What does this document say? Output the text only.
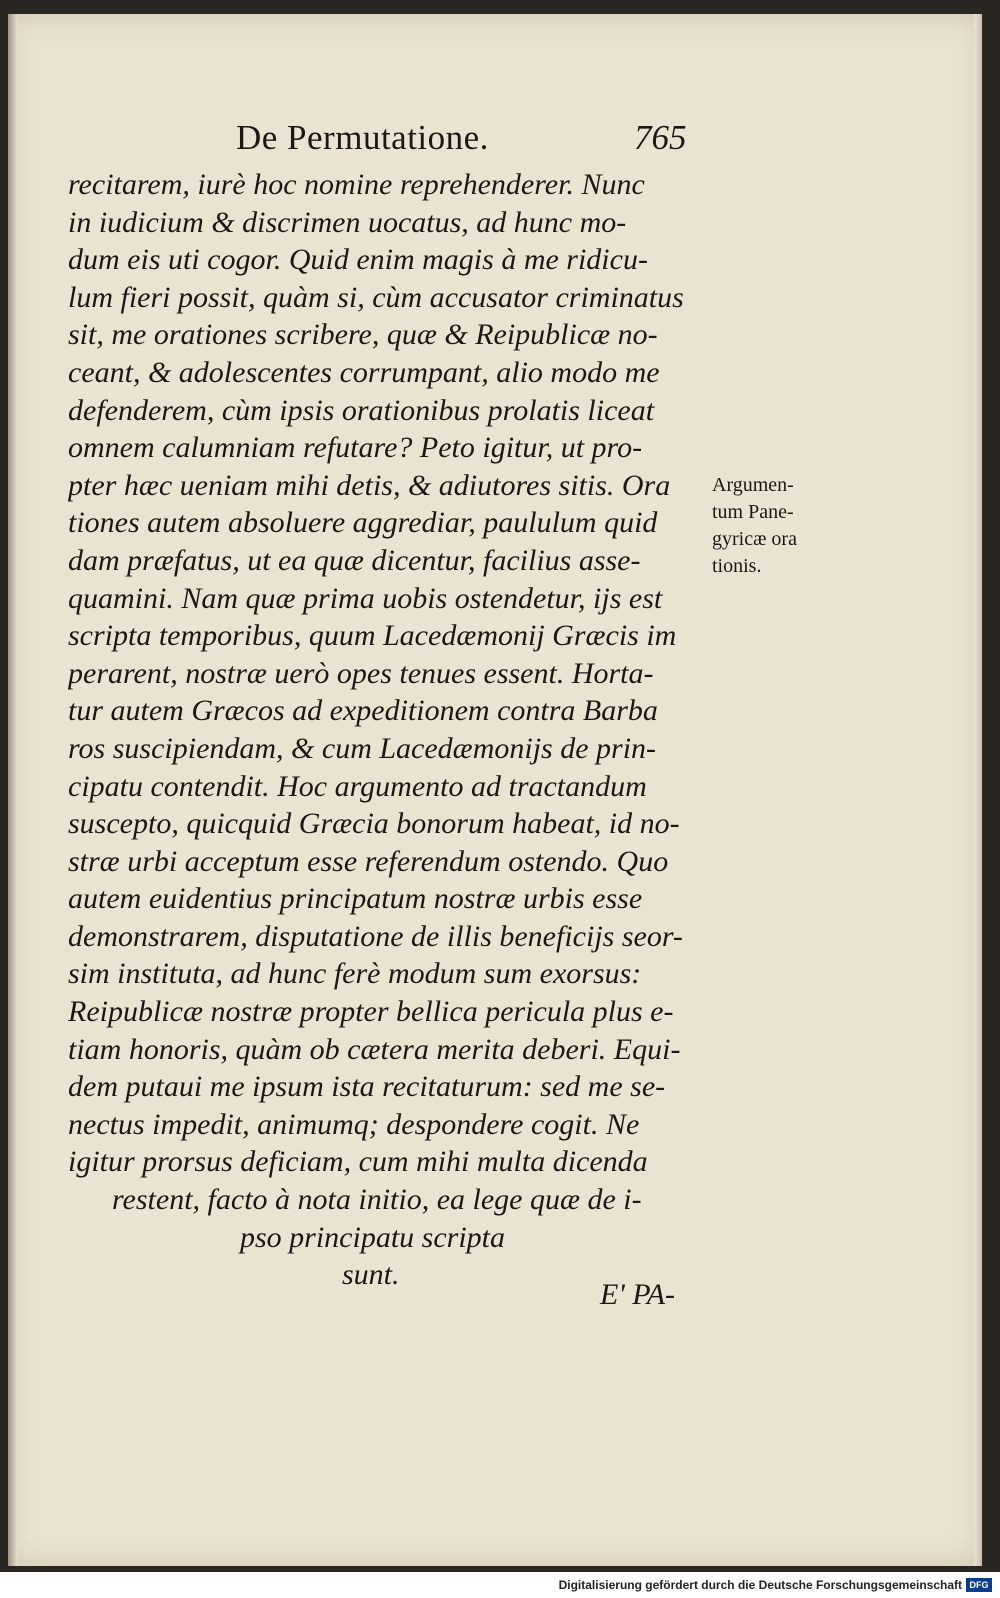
De Permutatione.	765
recitarem, iurè hoc nomine reprehenderer. Nunc
in iudicium & discrimen uocatus, ad hunc mo-
dum eis uti cogor. Quid enim magis à me ridicu-
lum fieri possit, quàm si, cùm accusator criminatus
sit, me orationes scribere, quæ & Reipublicæ no-
ceant, & adolescentes corrumpant, alio modo me
defenderem, cùm ipsis orationibus prolatis liceat
omnem calumniam refutare? Peto igitur, ut pro-
pter hæc ueniam mihi detis, & adiutores sitis. Ora
tiones autem absoluere aggrediar, paululum quid
dam præfatus, ut ea quæ dicentur, facilius asse-
quamini. Nam quæ prima uobis ostendetur, ijs est
scripta temporibus, quum Lacedæmonij Græcis im
perarent, nostræ uerò opes tenues essent. Horta-
tur autem Græcos ad expeditionem contra Barba
ros suscipiendam, & cum Lacedæmonijs de prin-
cipatu contendit. Hoc argumento ad tractandum
suscepto, quicquid Græcia bonorum habeat, id no-
stræ urbi acceptum esse referendum ostendo. Quo
autem euidentius principatum nostræ urbis esse
demonstrarem, disputatione de illis beneficijs seor-
sim instituta, ad hunc ferè modum sum exorsus:
Reipublicæ nostræ propter bellica pericula plus e-
tiam honoris, quàm ob cætera merita deberi. Equi-
dem putaui me ipsum ista recitaturum: sed me se-
nectus impedit, animumq; despondere cogit. Ne
igitur prorsus deficiam, cum mihi multa dicenda
restent, facto à nota initio, ea lege quæ de i-
pso principatu scripta
sunt.
E' PA-
Argumen-
tum Pane-
gyricæ ora
tionis.
Digitalisierung gefördert durch die Deutsche Forschungsgemeinschaft DFG
